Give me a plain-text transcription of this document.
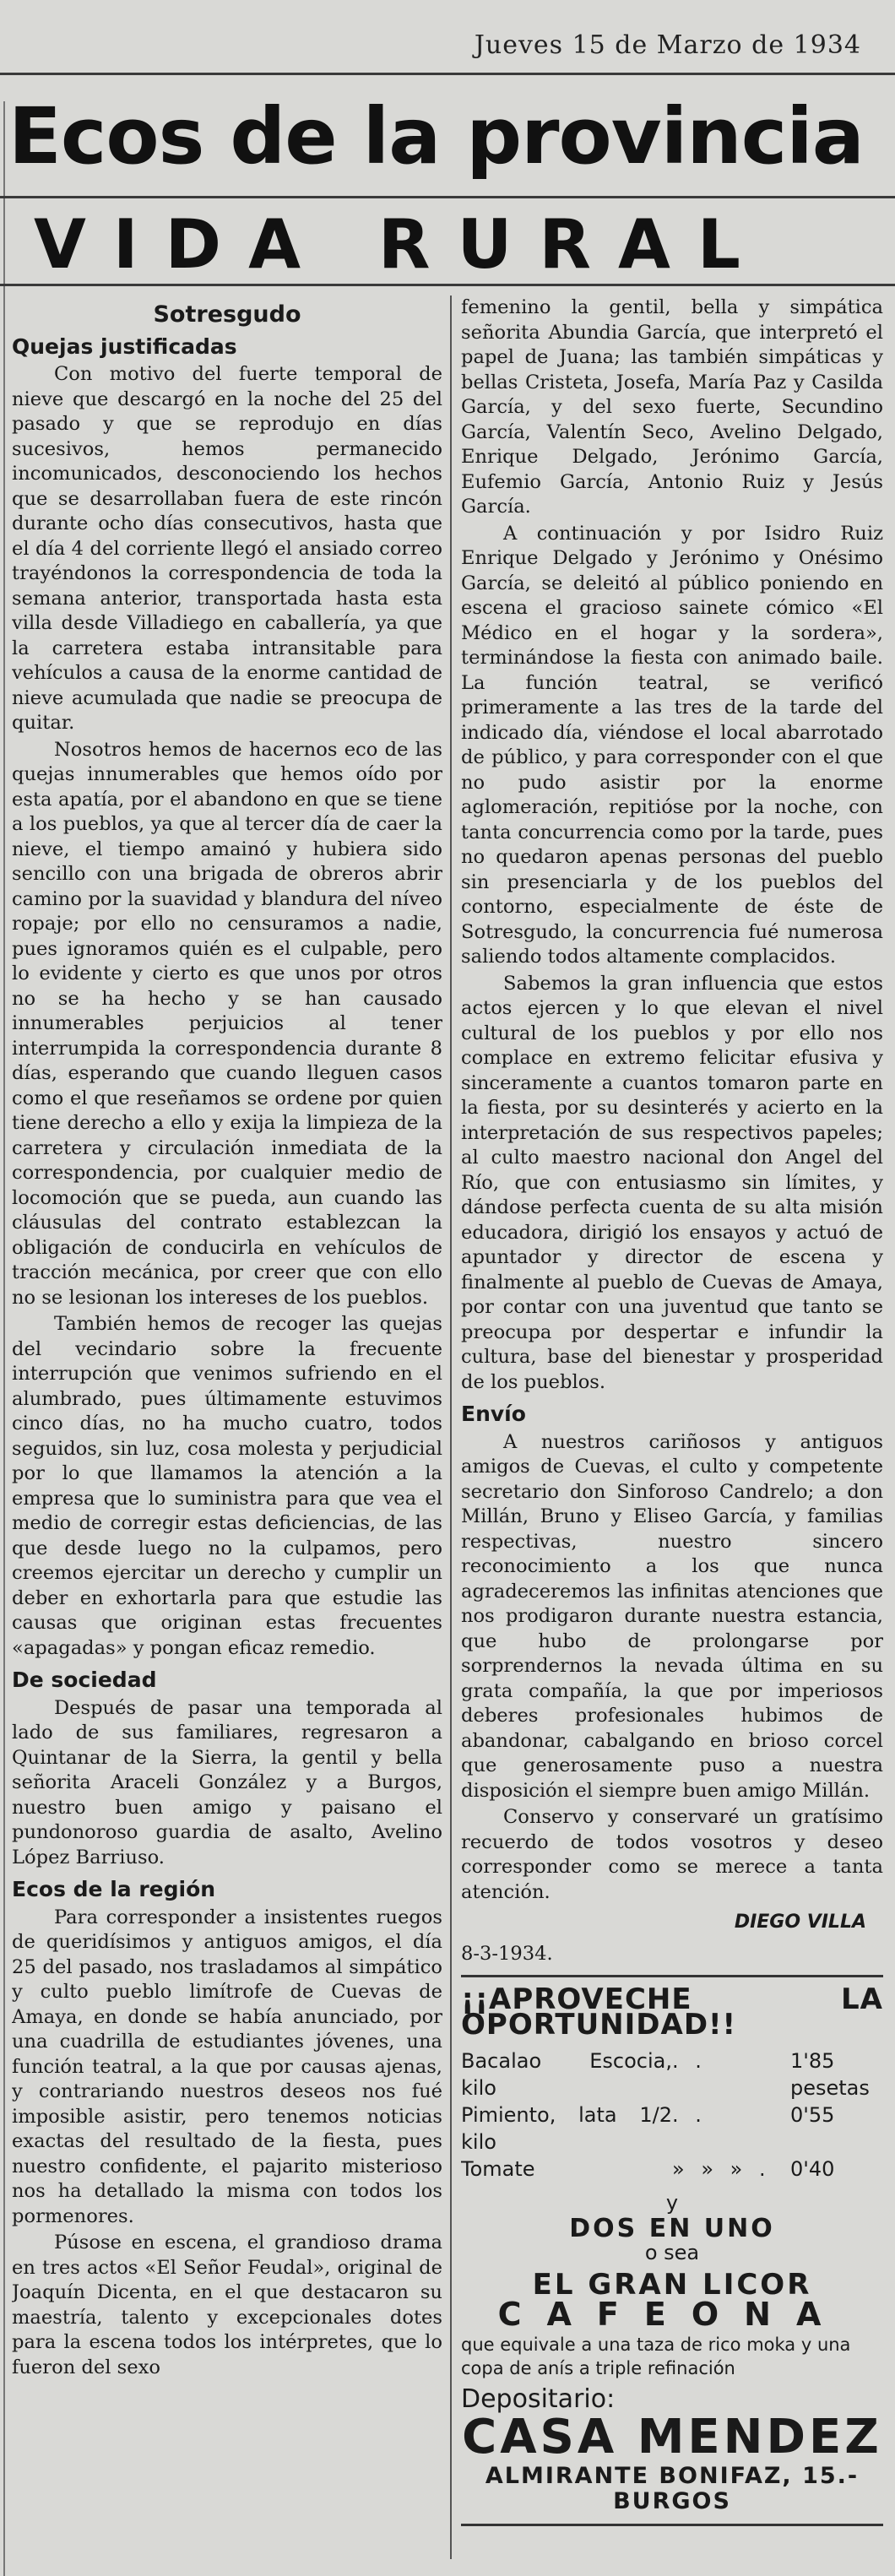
Jueves 15 de Marzo de 1934
Ecos de la provincia
VIDA RURAL
Sotresgudo
Quejas justificadas

Con motivo del fuerte temporal de nieve que descargó en la noche del 25 del pasado y que se reprodujo en días sucesivos, hemos permanecido incomunicados, desconociendo los hechos que se desarrollaban fuera de este rincón durante ocho días consecutivos, hasta que el día 4 del corriente llegó el ansiado correo trayéndonos la correspondencia de toda la semana anterior, transportada hasta esta villa desde Villadiego en caballería, ya que la carretera estaba intransitable para vehículos a causa de la enorme cantidad de nieve acumulada que nadie se preocupa de quitar.

Nosotros hemos de hacernos eco de las quejas innumerables que hemos oído por esta apatía, por el abandono en que se tiene a los pueblos, ya que al tercer día de caer la nieve, el tiempo amainó y hubiera sido sencillo con una brigada de obreros abrir camino por la suavidad y blandura del níveo ropaje; por ello no censuramos a nadie, pues ignoramos quién es el culpable, pero lo evidente y cierto es que unos por otros no se ha hecho y se han causado innumerables perjuicios al tener interrumpida la correspondencia durante 8 días, esperando que cuando lleguen casos como el que reseñamos se ordene por quien tiene derecho a ello y exija la limpieza de la carretera y circulación inmediata de la correspondencia, por cualquier medio de locomoción que se pueda, aun cuando las cláusulas del contrato establezcan la obligación de conducirla en vehículos de tracción mecánica, por creer que con ello no se lesionan los intereses de los pueblos.

También hemos de recoger las quejas del vecindario sobre la frecuente interrupción que venimos sufriendo en el alumbrado, pues últimamente estuvimos cinco días, no ha mucho cuatro, todos seguidos, sin luz, cosa molesta y perjudicial por lo que llamamos la atención a la empresa que lo suministra para que vea el medio de corregir estas deficiencias, de las que desde luego no la culpamos, pero creemos ejercitar un derecho y cumplir un deber en exhortarla para que estudie las causas que originan estas frecuentes «apagadas» y pongan eficaz remedio.

De sociedad

Después de pasar una temporada al lado de sus familiares, regresaron a Quintanar de la Sierra, la gentil y bella señorita Araceli González y a Burgos, nuestro buen amigo y paisano el pundonoroso guardia de asalto, Avelino López Barriuso.

Ecos de la región

Para corresponder a insistentes ruegos de queridísimos y antiguos amigos, el día 25 del pasado, nos trasladamos al simpático y culto pueblo limítrofe de Cuevas de Amaya, en donde se había anunciado, por una cuadrilla de estudiantes jóvenes, una función teatral, a la que por causas ajenas, y contrariando nuestros deseos nos fué imposible asistir, pero tenemos noticias exactas del resultado de la fiesta, pues nuestro confidente, el pajarito misterioso nos ha detallado la misma con todos los pormenores.

Púsose en escena, el grandioso drama en tres actos «El Señor Feudal», original de Joaquín Dicenta, en el que destacaron su maestría, talento y excepcionales dotes para la escena todos los intérpretes, que lo fueron del sexo

femenino la gentil, bella y simpática señorita Abundia García, que interpretó el papel de Juana; las también simpáticas y bellas Cristeta, Josefa, María Paz y Casilda García, y del sexo fuerte, Secundino García, Valentín Seco, Avelino Delgado, Enrique Delgado, Jerónimo García, Eufemio García, Antonio Ruiz y Jesús García.

A continuación y por Isidro Ruiz Enrique Delgado y Jerónimo y Onésimo García, se deleitó al público poniendo en escena el gracioso sainete cómico «El Médico en el hogar y la sordera», terminándose la fiesta con animado baile. La función teatral, se verificó primeramente a las tres de la tarde del indicado día, viéndose el local abarrotado de público, y para corresponder con el que no pudo asistir por la enorme aglomeración, repitióse por la noche, con tanta concurrencia como por la tarde, pues no quedaron apenas personas del pueblo sin presenciarla y de los pueblos del contorno, especialmente de éste de Sotresgudo, la concurrencia fué numerosa saliendo todos altamente complacidos.

Sabemos la gran influencia que estos actos ejercen y lo que elevan el nivel cultural de los pueblos y por ello nos complace en extremo felicitar efusiva y sinceramente a cuantos tomaron parte en la fiesta, por su desinterés y acierto en la interpretación de sus respectivos papeles; al culto maestro nacional don Angel del Río, que con entusiasmo sin límites, y dándose perfecta cuenta de su alta misión educadora, dirigió los ensayos y actuó de apuntador y director de escena y finalmente al pueblo de Cuevas de Amaya, por contar con una juventud que tanto se preocupa por despertar e infundir la cultura, base del bienestar y prosperidad de los pueblos.

Envío

A nuestros cariñosos y antiguos amigos de Cuevas, el culto y competente secretario don Sinforoso Candrelo; a don Millán, Bruno y Eliseo García, y familias respectivas, nuestro sincero reconocimiento a los que nunca agradeceremos las infinitas atenciones que nos prodigaron durante nuestra estancia, que hubo de prolongarse por sorprendernos la nevada última en su grata compañía, la que por imperiosos deberes profesionales hubimos de abandonar, cabalgando en brioso corcel que generosamente puso a nuestra disposición el siempre buen amigo Millán.

Conservo y conservaré un gratísimo recuerdo de todos vosotros y deseo corresponder como se merece a tanta atención.

DIEGO VILLA
8-3-1934.
¡¡APROVECHE LA OPORTUNIDAD!!
Bacalao Escocia, kilo
. .	1'85 pesetas
Pimiento, lata 1/2 kilo
. .	0'55
Tomate	» » » . 0'40
y
DOS EN UNO
o sea
EL GRAN LICOR
CAFEONA
que equivale a una taza de rico moka y una copa de anís a triple refinación
Depositario:
CASA MENDEZ
ALMIRANTE BONIFAZ, 15.-BURGOS
